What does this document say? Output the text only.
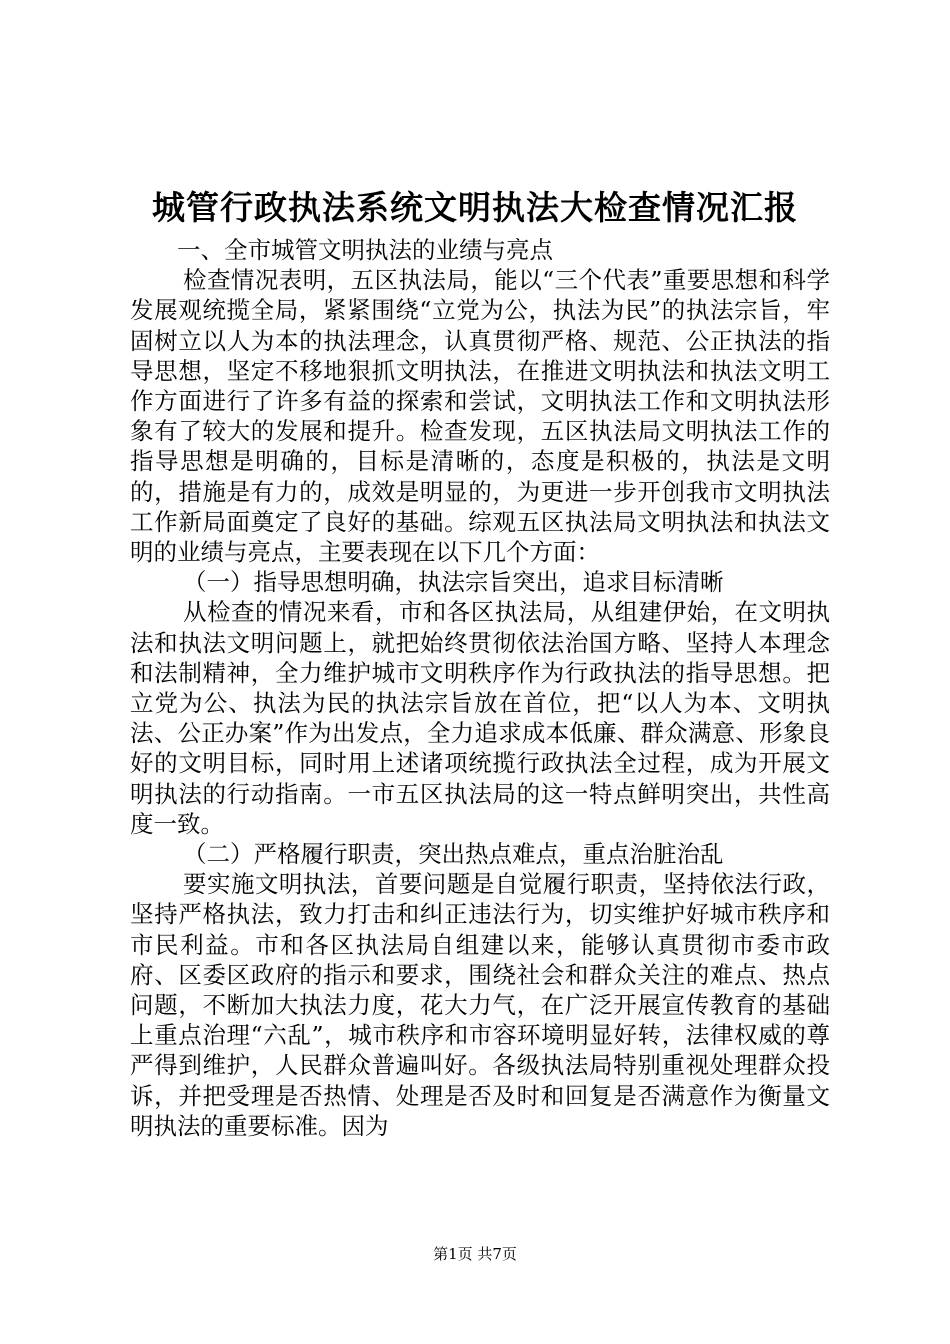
城管行政执法系统文明执法大检查情况汇报

一、全市城管文明执法的业绩与亮点

检查情况表明，五区执法局，能以“三个代表”重要思想和科学发展观统揽全局，紧紧围绕“立党为公，执法为民”的执法宗旨，牢固树立以人为本的执法理念，认真贯彻严格、规范、公正执法的指导思想，坚定不移地狠抓文明执法，在推进文明执法和执法文明工作方面进行了许多有益的探索和尝试，文明执法工作和文明执法形象有了较大的发展和提升。检查发现，五区执法局文明执法工作的指导思想是明确的，目标是清晰的，态度是积极的，执法是文明的，措施是有力的，成效是明显的，为更进一步开创我市文明执法工作新局面奠定了良好的基础。综观五区执法局文明执法和执法文明的业绩与亮点，主要表现在以下几个方面：

（一）指导思想明确，执法宗旨突出，追求目标清晰

从检查的情况来看，市和各区执法局，从组建伊始，在文明执法和执法文明问题上，就把始终贯彻依法治国方略、坚持人本理念和法制精神，全力维护城市文明秩序作为行政执法的指导思想。把立党为公、执法为民的执法宗旨放在首位，把“以人为本、文明执法、公正办案”作为出发点，全力追求成本低廉、群众满意、形象良好的文明目标，同时用上述诸项统揽行政执法全过程，成为开展文明执法的行动指南。一市五区执法局的这一特点鲜明突出，共性高度一致。

（二）严格履行职责，突出热点难点，重点治脏治乱

要实施文明执法，首要问题是自觉履行职责，坚持依法行政，坚持严格执法，致力打击和纠正违法行为，切实维护好城市秩序和市民利益。市和各区执法局自组建以来，能够认真贯彻市委市政府、区委区政府的指示和要求，围绕社会和群众关注的难点、热点问题，不断加大执法力度，花大力气，在广泛开展宣传教育的基础上重点治理“六乱”，城市秩序和市容环境明显好转，法律权威的尊严得到维护，人民群众普遍叫好。各级执法局特别重视处理群众投诉，并把受理是否热情、处理是否及时和回复是否满意作为衡量文明执法的重要标准。因为

第1页 共7页
